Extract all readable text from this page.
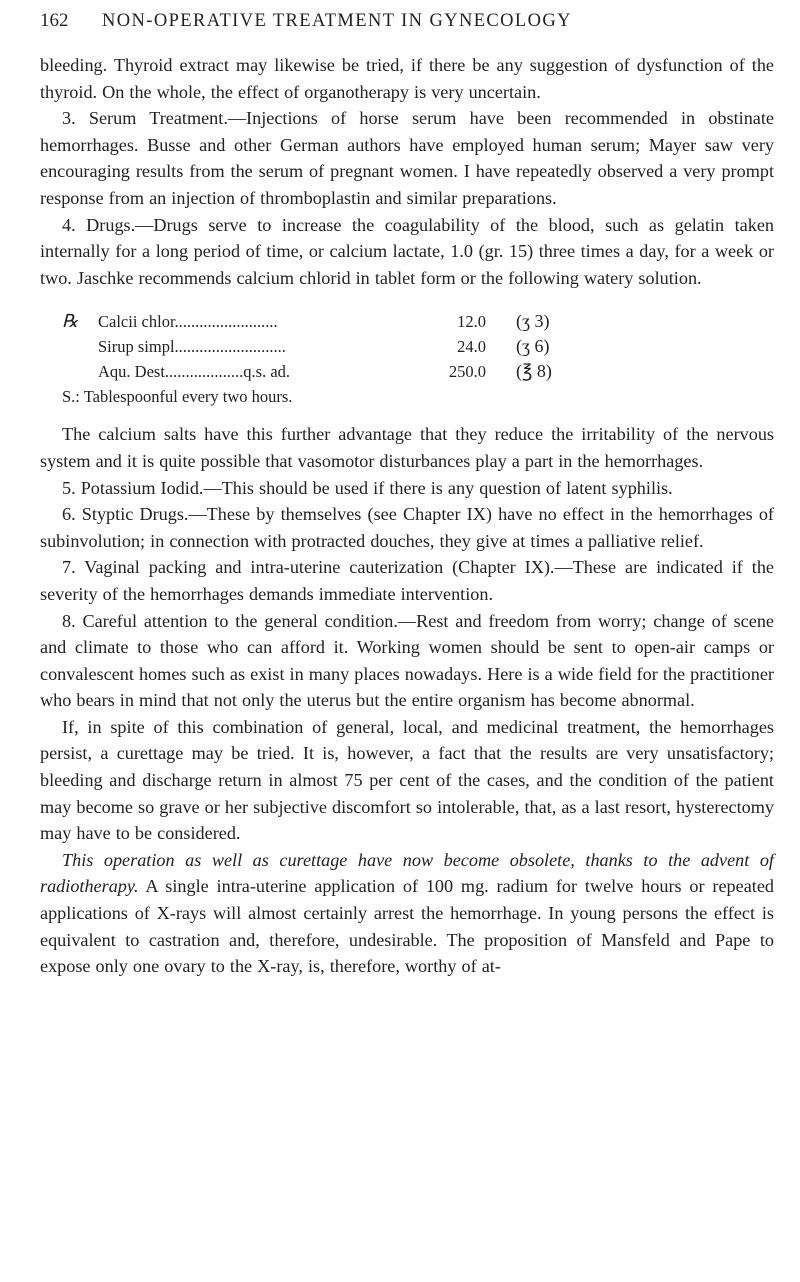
162	NON-OPERATIVE TREATMENT IN GYNECOLOGY

bleeding. Thyroid extract may likewise be tried, if there be any suggestion of dysfunction of the thyroid. On the whole, the effect of organotherapy is very uncertain.

3. Serum Treatment.—Injections of horse serum have been recommended in obstinate hemorrhages. Busse and other German authors have employed human serum; Mayer saw very encouraging results from the serum of pregnant women. I have repeatedly observed a very prompt response from an injection of thromboplastin and similar preparations.

4. Drugs.—Drugs serve to increase the coagulability of the blood, such as gelatin taken internally for a long period of time, or calcium lactate, 1.0 (gr. 15) three times a day, for a week or two. Jaschke recommends calcium chlorid in tablet form or the following watery solution.

℞	Calcii chlor.........................	12.0 (ʒ 3)
Sirup simpl...........................	24.0 (ʒ 6)
Aqu. Dest...................q.s. ad.	250.0 (℥ 8)
S.: Tablespoonful every two hours.

The calcium salts have this further advantage that they reduce the irritability of the nervous system and it is quite possible that vasomotor disturbances play a part in the hemorrhages.

5. Potassium Iodid.—This should be used if there is any question of latent syphilis.

6. Styptic Drugs.—These by themselves (see Chapter IX) have no effect in the hemorrhages of subinvolution; in connection with protracted douches, they give at times a palliative relief.

7. Vaginal packing and intra-uterine cauterization (Chapter IX).—These are indicated if the severity of the hemorrhages demands immediate intervention.

8. Careful attention to the general condition.—Rest and freedom from worry; change of scene and climate to those who can afford it. Working women should be sent to open-air camps or convalescent homes such as exist in many places nowadays. Here is a wide field for the practitioner who bears in mind that not only the uterus but the entire organism has become abnormal.

If, in spite of this combination of general, local, and medicinal treatment, the hemorrhages persist, a curettage may be tried. It is, however, a fact that the results are very unsatisfactory; bleeding and discharge return in almost 75 per cent of the cases, and the condition of the patient may become so grave or her subjective discomfort so intolerable, that, as a last resort, hysterectomy may have to be considered.

This operation as well as curettage have now become obsolete, thanks to the advent of radiotherapy. A single intra-uterine application of 100 mg. radium for twelve hours or repeated applications of X-rays will almost certainly arrest the hemorrhage. In young persons the effect is equivalent to castration and, therefore, undesirable. The proposition of Mansfeld and Pape to expose only one ovary to the X-ray, is, therefore, worthy of at-
